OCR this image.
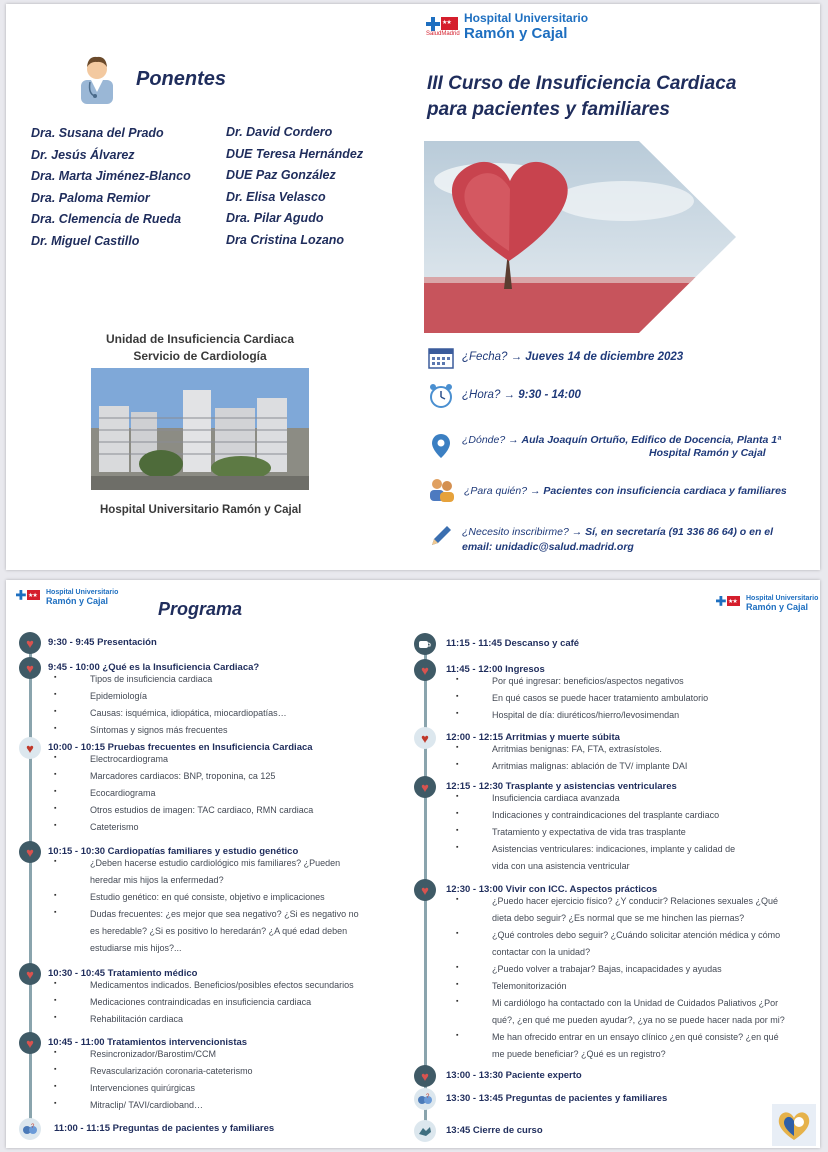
★★
SaludMadrid
Hospital Universitario
Ramón y Cajal
Ponentes
Dra. Susana del Prado
Dr. Jesús Álvarez
Dra. Marta Jiménez-Blanco
Dra. Paloma Remior
Dra. Clemencia de Rueda
Dr. Miguel Castillo
Dr. David Cordero
DUE Teresa Hernández
DUE Paz González
Dr. Elisa Velasco
Dra. Pilar Agudo
Dra Cristina Lozano
III Curso de Insuficiencia Cardiaca
para pacientes y familiares
Unidad de Insuficiencia Cardiaca
Servicio de Cardiología
Hospital Universitario Ramón y Cajal
¿Fecha? → Jueves 14 de diciembre 2023
¿Hora? → 9:30 - 14:00
¿Dónde? → Aula Joaquín Ortuño, Edifico de Docencia, Planta 1ª
Hospital Ramón y Cajal
¿Para quién? → Pacientes con insuficiencia cardiaca y familiares
¿Necesito inscribirme? → Sí, en secretaría (91 336 86 64) o en el
email: unidadic@salud.madrid.org
★★
Hospital Universitario
Ramón y Cajal
★★	Hospital Universitario
Ramón y Cajal
Programa
♥ 9:30 - 9:45 Presentación
♥ 9:45 - 10:00 ¿Qué es la Insuficiencia Cardiaca?
▪ Tipos de insuficiencia cardiaca
▪ Epidemiología
▪ Causas: isquémica, idiopática, miocardiopatías…
▪ Síntomas y signos más frecuentes
♥ 10:00 - 10:15 Pruebas frecuentes en Insuficiencia Cardiaca
▪ Electrocardiograma
▪ Marcadores cardiacos: BNP, troponina, ca 125
▪ Ecocardiograma
▪ Otros estudios de imagen: TAC cardiaco, RMN cardiaca
▪ Cateterismo
♥ 10:15 - 10:30 Cardiopatías familiares y estudio genético
▪ ¿Deben hacerse estudio cardiológico mis familiares? ¿Pueden
heredar mis hijos la enfermedad?
▪ Estudio genético: en qué consiste, objetivo e implicaciones
▪ Dudas frecuentes: ¿es mejor que sea negativo? ¿Si es negativo no
es heredable? ¿Si es positivo lo heredarán? ¿A qué edad deben
estudiarse mis hijos?...
♥ 10:30 - 10:45 Tratamiento médico
▪ Medicamentos indicados. Beneficios/posibles efectos secundarios
▪ Medicaciones contraindicadas en insuficiencia cardiaca
▪ Rehabilitación cardiaca
♥ 10:45 - 11:00 Tratamientos intervencionistas
▪ Resincronizador/Barostim/CCM
▪ Revascularización coronaria-cateterismo
▪ Intervenciones quirúrgicas
▪ Mitraclip/ TAVI/cardioband…
? 11:00 - 11:15 Preguntas de pacientes y familiares
11:15 - 11:45 Descanso y café
♥ 11:45 - 12:00 Ingresos
▪ Por qué ingresar: beneficios/aspectos negativos
▪ En qué casos se puede hacer tratamiento ambulatorio
▪ Hospital de día: diuréticos/hierro/levosimendan
♥ 12:00 - 12:15 Arritmias y muerte súbita
▪ Arritmias benignas: FA, FTA, extrasístoles.
▪ Arritmias malignas: ablación de TV/ implante DAI
♥ 12:15 - 12:30 Trasplante y asistencias ventriculares
▪ Insuficiencia cardiaca avanzada
▪ Indicaciones y contraindicaciones del trasplante cardiaco
▪ Tratamiento y expectativa de vida tras trasplante
▪ Asistencias ventriculares: indicaciones, implante y calidad de
vida con una asistencia ventricular
♥ 12:30 - 13:00 Vivir con ICC. Aspectos prácticos
▪ ¿Puedo hacer ejercicio físico? ¿Y conducir? Relaciones sexuales ¿Qué
dieta debo seguir? ¿Es normal que se me hinchen las piernas?
▪ ¿Qué controles debo seguir? ¿Cuándo solicitar atención médica y cómo
contactar con la unidad?
▪ ¿Puedo volver a trabajar? Bajas, incapacidades y ayudas
▪ Telemonitorización
▪ Mi cardiólogo ha contactado con la Unidad de Cuidados Paliativos ¿Por
qué?, ¿en qué me pueden ayudar?, ¿ya no se puede hacer nada por mi?
▪ Me han ofrecido entrar en un ensayo clínico ¿en qué consiste? ¿en qué
me puede beneficiar? ¿Qué es un registro?
♥ 13:00 - 13:30 Paciente experto
? 13:30 - 13:45 Preguntas de pacientes y familiares
13:45 Cierre de curso
